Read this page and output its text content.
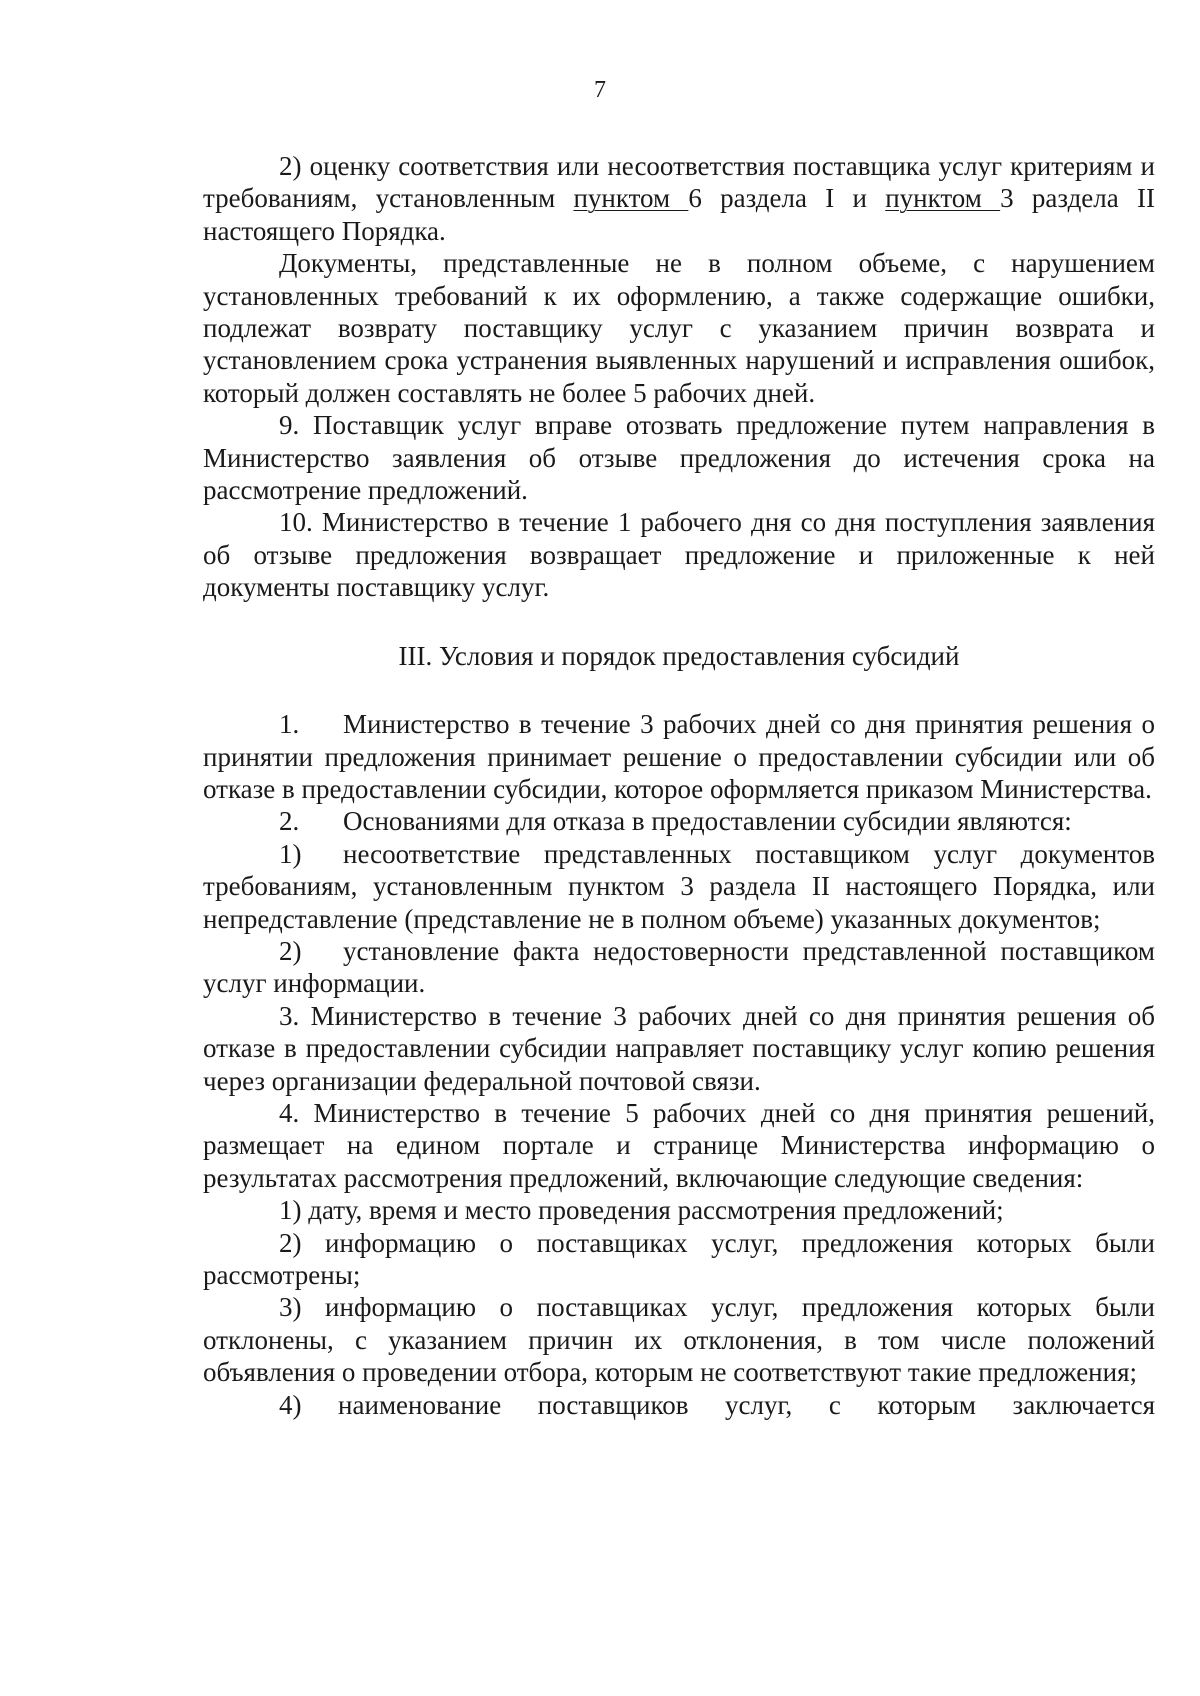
7

2) оценку соответствия или несоответствия поставщика услуг критериям и требованиям, установленным пунктом 6 раздела I и пунктом 3 раздела II настоящего Порядка.

Документы, представленные не в полном объеме, с нарушением установленных требований к их оформлению, а также содержащие ошибки, подлежат возврату поставщику услуг с указанием причин возврата и установлением срока устранения выявленных нарушений и исправления ошибок, который должен составлять не более 5 рабочих дней.

9. Поставщик услуг вправе отозвать предложение путем направления в Министерство заявления об отзыве предложения до истечения срока на рассмотрение предложений.

10. Министерство в течение 1 рабочего дня со дня поступления заявления об отзыве предложения возвращает предложение и приложенные к ней документы поставщику услуг.

III. Условия и порядок предоставления субсидий

1. Министерство в течение 3 рабочих дней со дня принятия решения о принятии предложения принимает решение о предоставлении субсидии или об отказе в предоставлении субсидии, которое оформляется приказом Министерства.

2. Основаниями для отказа в предоставлении субсидии являются:

1) несоответствие представленных поставщиком услуг документов требованиям, установленным пунктом 3 раздела II настоящего Порядка, или непредставление (представление не в полном объеме) указанных документов;

2) установление факта недостоверности представленной поставщиком услуг информации.

3. Министерство в течение 3 рабочих дней со дня принятия решения об отказе в предоставлении субсидии направляет поставщику услуг копию решения через организации федеральной почтовой связи.

4. Министерство в течение 5 рабочих дней со дня принятия решений, размещает на едином портале и странице Министерства информацию о результатах рассмотрения предложений, включающие следующие сведения:

1) дату, время и место проведения рассмотрения предложений;

2) информацию о поставщиках услуг, предложения которых были рассмотрены;

3) информацию о поставщиках услуг, предложения которых были отклонены, с указанием причин их отклонения, в том числе положений объявления о проведении отбора, которым не соответствуют такие предложения;

4) наименование поставщиков услуг, с которым заключается
